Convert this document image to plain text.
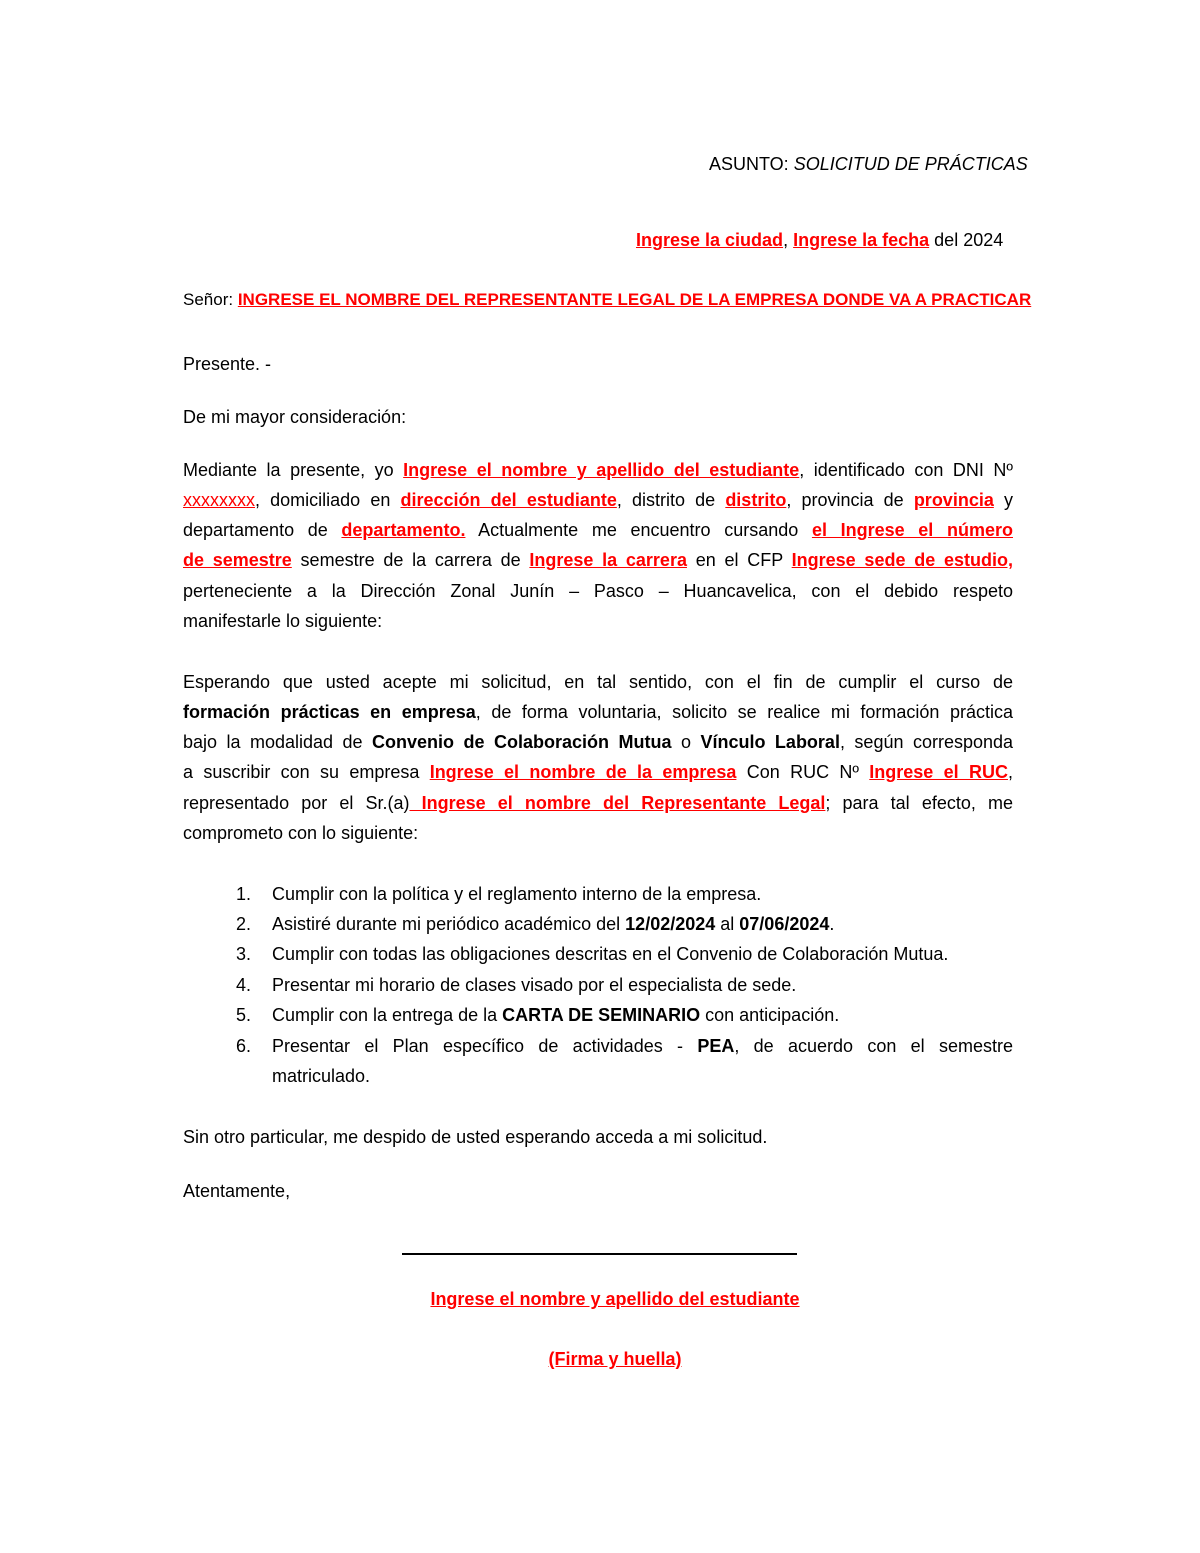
ASUNTO: SOLICITUD DE PRÁCTICAS
Ingrese la ciudad, Ingrese la fecha del 2024
Señor: INGRESE EL NOMBRE DEL REPRESENTANTE LEGAL DE LA EMPRESA DONDE VA A PRACTICAR
Presente. -
De mi mayor consideración:
Mediante la presente, yo Ingrese el nombre y apellido del estudiante, identificado con DNI Nº
xxxxxxxx, domiciliado en dirección del estudiante, distrito de distrito, provincia de provincia y
departamento de departamento. Actualmente me encuentro cursando el Ingrese el número
de semestre semestre de la carrera de Ingrese la carrera en el CFP Ingrese sede de estudio,
perteneciente a la Dirección Zonal Junín – Pasco – Huancavelica, con el debido respeto
manifestarle lo siguiente:
Esperando que usted acepte mi solicitud, en tal sentido, con el fin de cumplir el curso de
formación prácticas en empresa, de forma voluntaria, solicito se realice mi formación práctica
bajo la modalidad de Convenio de Colaboración Mutua o Vínculo Laboral, según corresponda
a suscribir con su empresa Ingrese el nombre de la empresa Con RUC Nº Ingrese el RUC,
representado por el Sr.(a) Ingrese el nombre del Representante Legal; para tal efecto, me
comprometo con lo siguiente:
1. Cumplir con la política y el reglamento interno de la empresa.
2. Asistiré durante mi periódico académico del 12/02/2024 al 07/06/2024.
3. Cumplir con todas las obligaciones descritas en el Convenio de Colaboración Mutua.
4. Presentar mi horario de clases visado por el especialista de sede.
5. Cumplir con la entrega de la CARTA DE SEMINARIO con anticipación.
6. Presentar el Plan específico de actividades - PEA, de acuerdo con el semestre
matriculado.
Sin otro particular, me despido de usted esperando acceda a mi solicitud.
Atentamente,
Ingrese el nombre y apellido del estudiante
(Firma y huella)
